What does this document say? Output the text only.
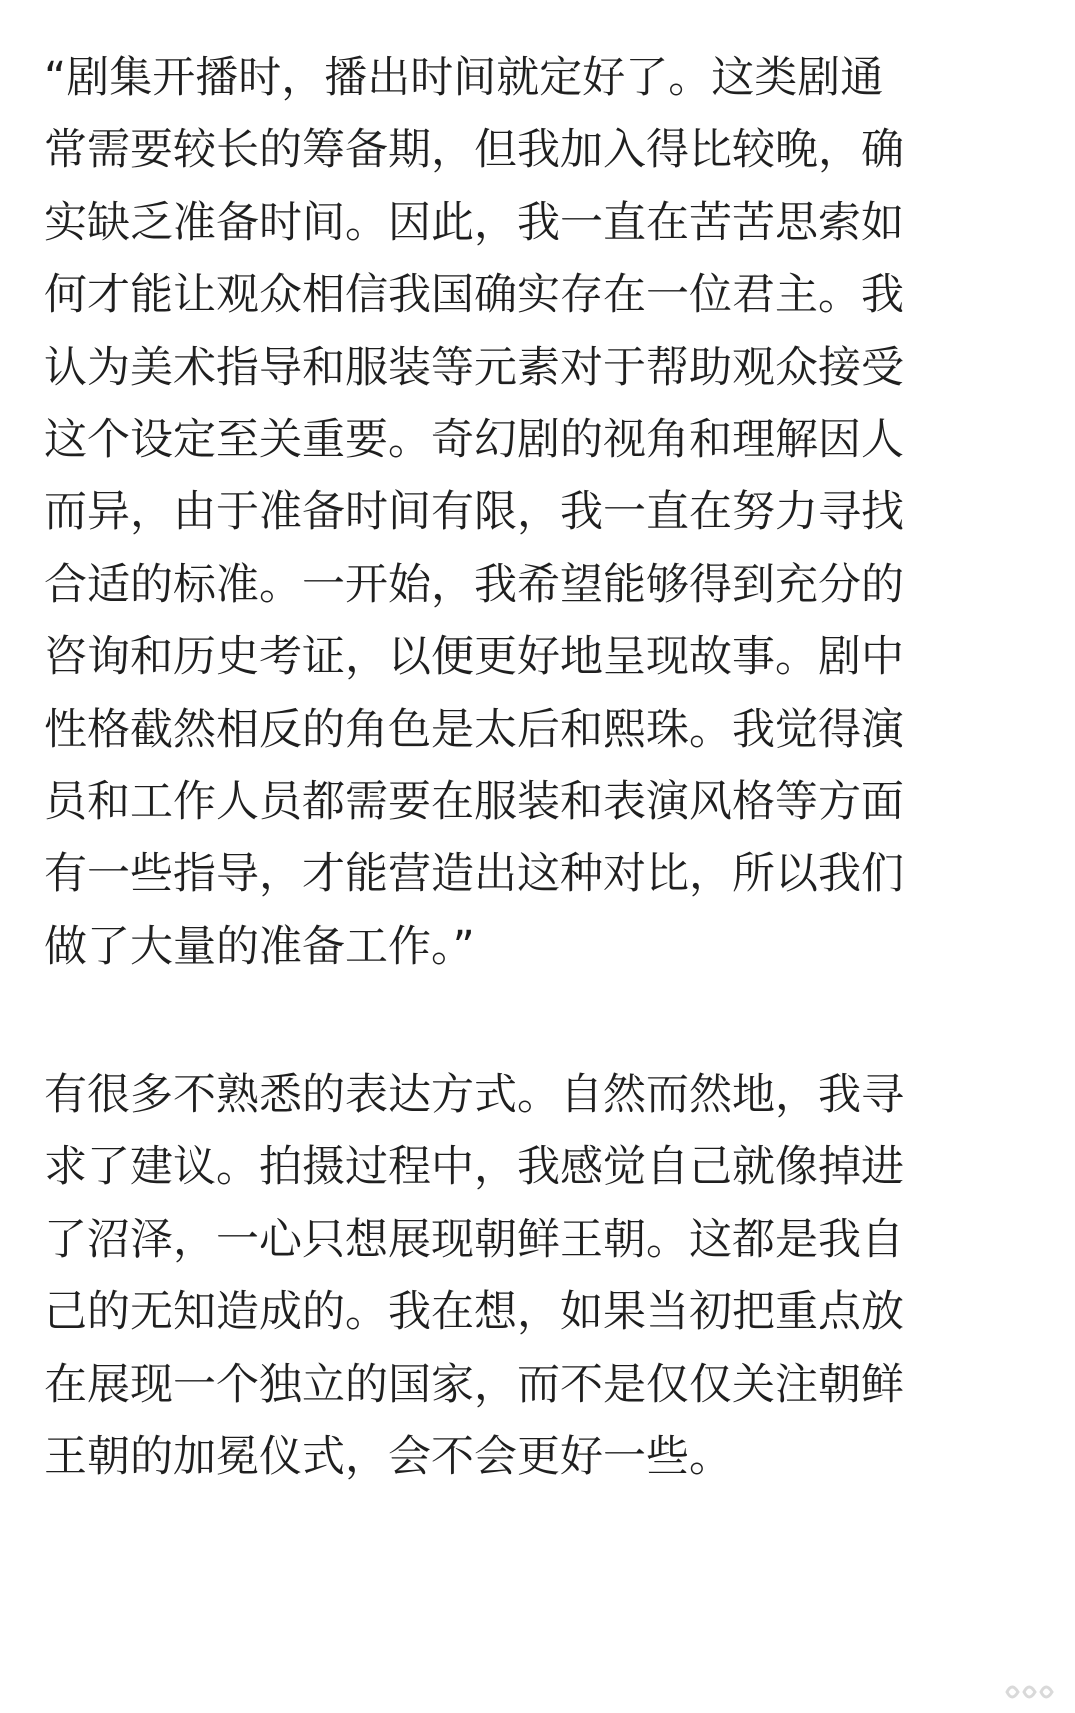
“剧集开播时，播出时间就定好了。这类剧通
常需要较长的筹备期，但我加入得比较晚，确
实缺乏准备时间。因此，我一直在苦苦思索如
何才能让观众相信我国确实存在一位君主。我
认为美术指导和服装等元素对于帮助观众接受
这个设定至关重要。奇幻剧的视角和理解因人
而异，由于准备时间有限，我一直在努力寻找
合适的标准。一开始，我希望能够得到充分的
咨询和历史考证，以便更好地呈现故事。剧中
性格截然相反的角色是太后和熙珠。我觉得演
员和工作人员都需要在服装和表演风格等方面
有一些指导，才能营造出这种对比，所以我们
做了大量的准备工作。”

有很多不熟悉的表达方式。自然而然地，我寻
求了建议。拍摄过程中，我感觉自己就像掉进
了沼泽，一心只想展现朝鲜王朝。这都是我自
己的无知造成的。我在想，如果当初把重点放
在展现一个独立的国家，而不是仅仅关注朝鲜
王朝的加冕仪式，会不会更好一些。
